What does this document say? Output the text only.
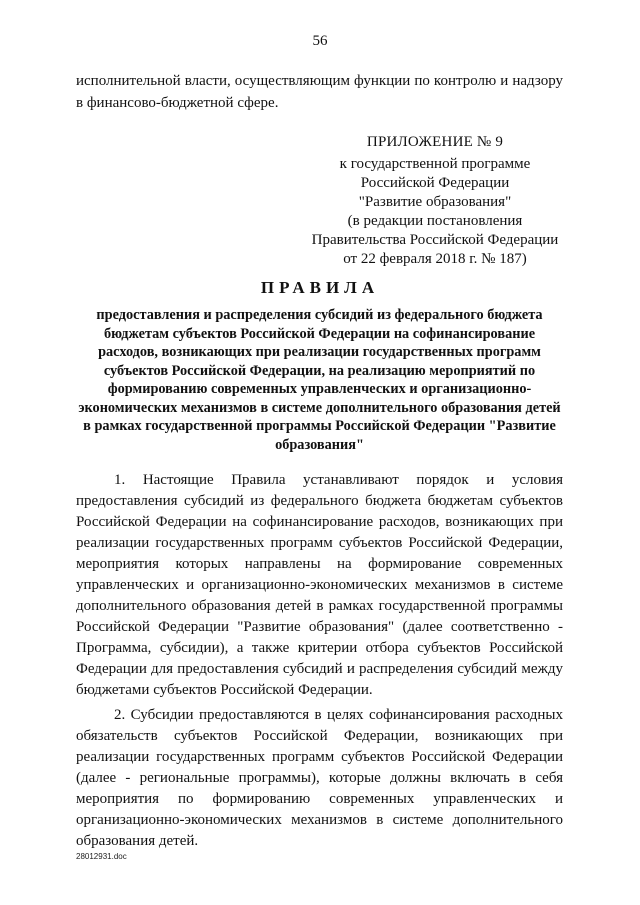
56
исполнительной власти, осуществляющим функции по контролю и надзору в финансово-бюджетной сфере.
ПРИЛОЖЕНИЕ № 9
к государственной программе
Российской Федерации
"Развитие образования"
(в редакции постановления
Правительства Российской Федерации
от 22 февраля 2018 г. № 187)
ПРАВИЛА
предоставления и распределения субсидий из федерального бюджета бюджетам субъектов Российской Федерации на софинансирование расходов, возникающих при реализации государственных программ субъектов Российской Федерации, на реализацию мероприятий по формированию современных управленческих и организационно-экономических механизмов в системе дополнительного образования детей в рамках государственной программы Российской Федерации "Развитие образования"

1. Настоящие Правила устанавливают порядок и условия предоставления субсидий из федерального бюджета бюджетам субъектов Российской Федерации на софинансирование расходов, возникающих при реализации государственных программ субъектов Российской Федерации, мероприятия которых направлены на формирование современных управленческих и организационно-экономических механизмов в системе дополнительного образования детей в рамках государственной программы Российской Федерации "Развитие образования" (далее соответственно - Программа, субсидии), а также критерии отбора субъектов Российской Федерации для предоставления субсидий и распределения субсидий между бюджетами субъектов Российской Федерации.

2. Субсидии предоставляются в целях софинансирования расходных обязательств субъектов Российской Федерации, возникающих при реализации государственных программ субъектов Российской Федерации (далее - региональные программы), которые должны включать в себя мероприятия по формированию современных управленческих и организационно-экономических механизмов в системе дополнительного образования детей.

28012931.doc
